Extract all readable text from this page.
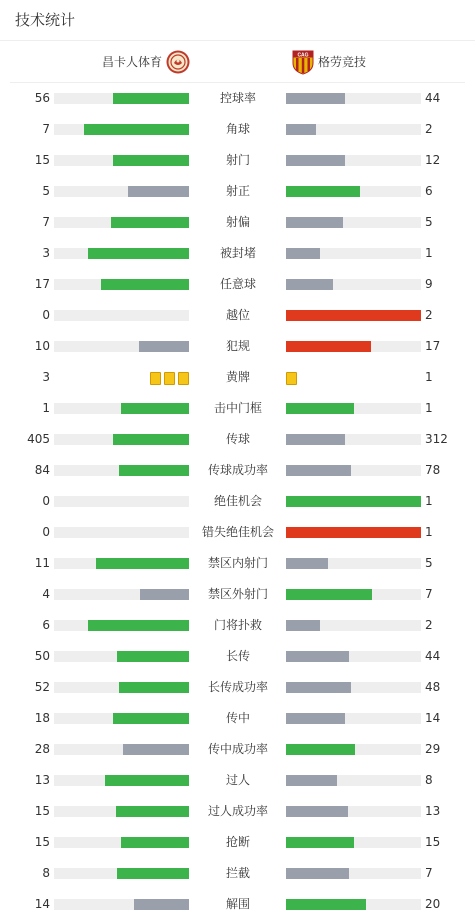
技术统计
昌卡人体育	CAG 格劳竞技
56	控球率	44
7	角球	2
15	射门	12
5	射正	6
7	射偏	5
3	被封堵	1
17	任意球	9
0	越位	2
10	犯规	17
3	黄牌	1
1	击中门框	1
405	传球	312
84	传球成功率	78
0	绝佳机会	1
0	错失绝佳机会	1
11	禁区内射门	5
4	禁区外射门	7
6	门将扑救	2
50	长传	44
52	长传成功率	48
18	传中	14
28	传中成功率	29
13	过人	8
15	过人成功率	13
15	抢断	15
8	拦截	7
14	解围	20
